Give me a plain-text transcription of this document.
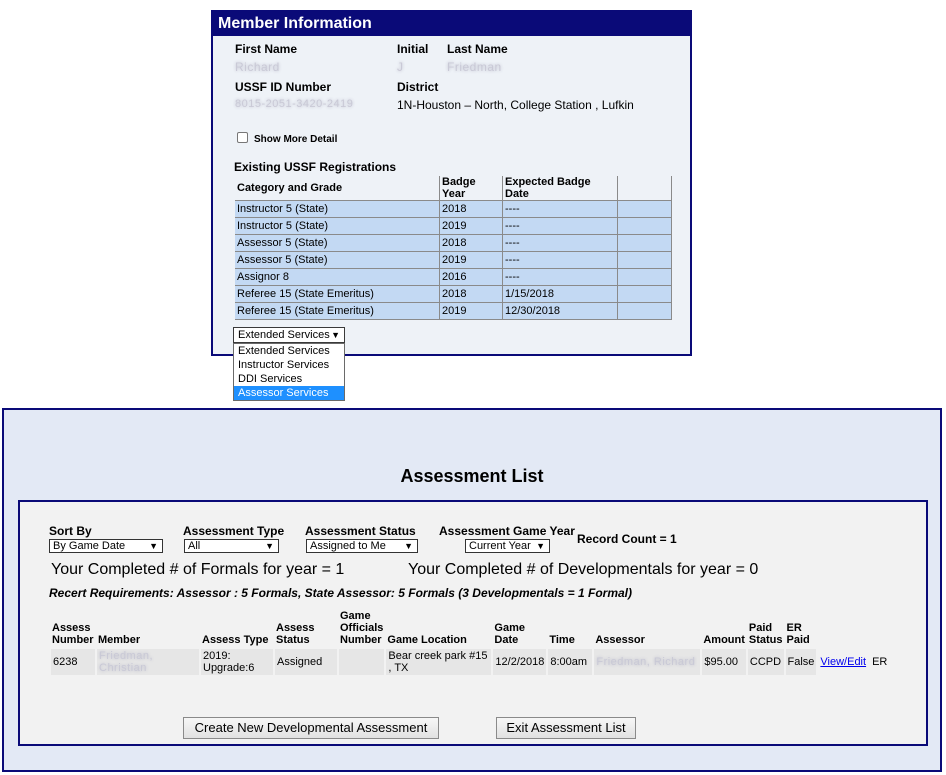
Member Information
First Name
Richard
Initial
J
Last Name
Friedman
USSF ID Number
8015-2051-3420-2419
District
1N-Houston – North, College Station , Lufkin
Show More Detail
Existing USSF Registrations
Category and Grade	Badge Year	Expected Badge Date	
Instructor 5 (State)	2018	----	
Instructor 5 (State)	2019	----	
Assessor 5 (State)	2018	----	
Assessor 5 (State)	2019	----	
Assignor 8	2016	----	
Referee 15 (State Emeritus)	2018	1/15/2018	
Referee 15 (State Emeritus)	2019	12/30/2018	
Extended Services ▼
Extended Services
Instructor Services
DDI Services
Assessor Services
Assessment List
Sort By
By Game Date	▼
Assessment Type
All	▼
Assessment Status
Assigned to Me ▼
Assessment Game Year
Current Year ▼	Record Count = 1
Your Completed # of Formals for year = 1	Your Completed # of Developmentals for year = 0
Recert Requirements: Assessor : 5 Formals, State Assessor: 5 Formals (3 Developmentals = 1 Formal)
Assess Number	Member	Assess Type	Assess Status	Game Officials Number	Game Location	Game Date	Time	Assessor	Amount	Paid Status	ER Paid		
6238	Friedman, Christian	2019: Upgrade:6	Assigned		Bear creek park #15 , TX	12/2/2018	8:00am	Friedman, Richard	$95.00	CCPD	False	View/Edit	ER
Create New Developmental Assessment	Exit Assessment List
